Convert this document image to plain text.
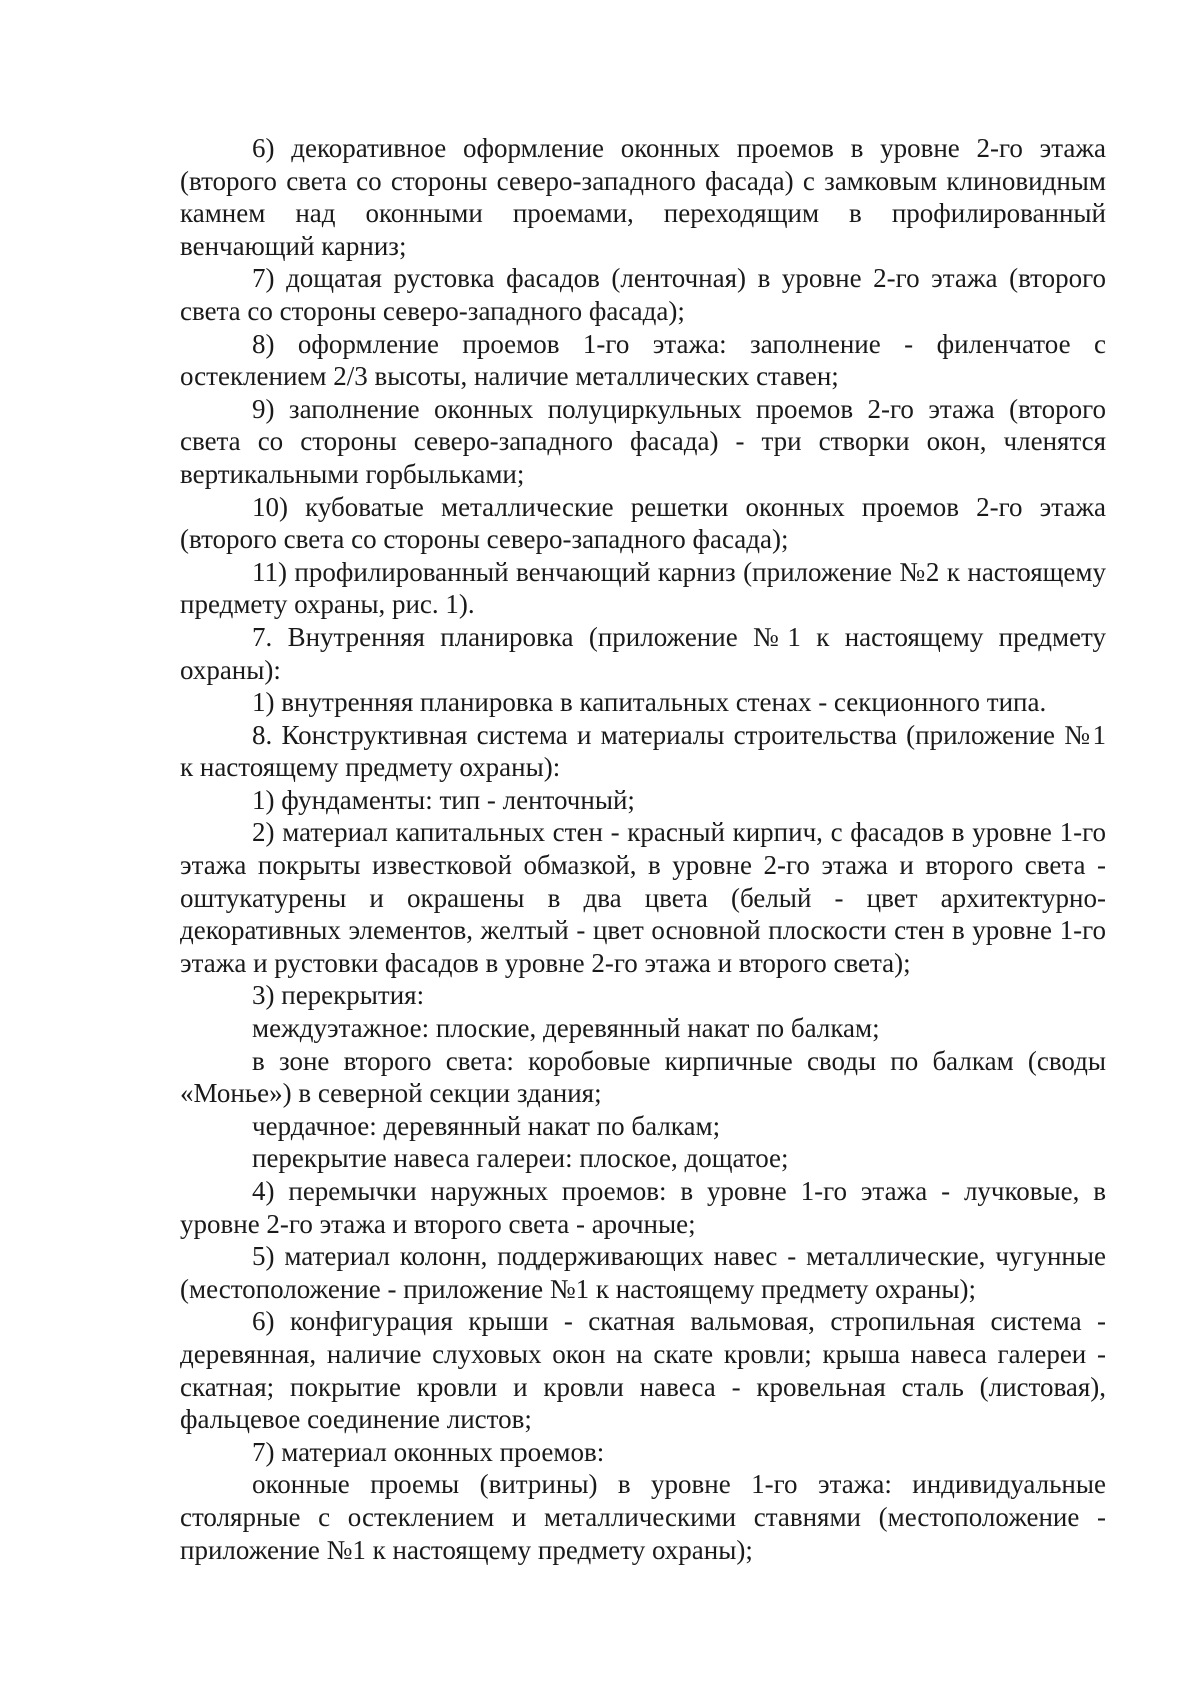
6) декоративное оформление оконных проемов в уровне 2-го этажа (второго света со стороны северо-западного фасада) с замковым клиновидным камнем над оконными проемами, переходящим в профилированный венчающий карниз;

7) дощатая рустовка фасадов (ленточная) в уровне 2-го этажа (второго света со стороны северо-западного фасада);

8) оформление проемов 1-го этажа: заполнение - филенчатое с остеклением 2/3 высоты, наличие металлических ставен;

9) заполнение оконных полуциркульных проемов 2-го этажа (второго света со стороны северо-западного фасада) - три створки окон, членятся вертикальными горбыльками;

10) кубоватые металлические решетки оконных проемов 2-го этажа (второго света со стороны северо-западного фасада);

11) профилированный венчающий карниз (приложение №2 к настоящему предмету охраны, рис. 1).

7. Внутренняя планировка (приложение №1 к настоящему предмету охраны):

1) внутренняя планировка в капитальных стенах - секционного типа.

8. Конструктивная система и материалы строительства (приложение №1 к настоящему предмету охраны):

1) фундаменты: тип - ленточный;

2) материал капитальных стен - красный кирпич, с фасадов в уровне 1-го этажа покрыты известковой обмазкой, в уровне 2-го этажа и второго света - оштукатурены и окрашены в два цвета (белый - цвет архитектурно-декоративных элементов, желтый - цвет основной плоскости стен в уровне 1-го этажа и рустовки фасадов в уровне 2-го этажа и второго света);

3) перекрытия:

междуэтажное: плоские, деревянный накат по балкам;

в зоне второго света: коробовые кирпичные своды по балкам (своды «Монье») в северной секции здания;

чердачное: деревянный накат по балкам;

перекрытие навеса галереи: плоское, дощатое;

4) перемычки наружных проемов: в уровне 1-го этажа - лучковые, в уровне 2-го этажа и второго света - арочные;

5) материал колонн, поддерживающих навес - металлические, чугунные (местоположение - приложение №1 к настоящему предмету охраны);

6) конфигурация крыши - скатная вальмовая, стропильная система - деревянная, наличие слуховых окон на скате кровли; крыша навеса галереи - скатная; покрытие кровли и кровли навеса - кровельная сталь (листовая), фальцевое соединение листов;

7) материал оконных проемов:

оконные проемы (витрины) в уровне 1-го этажа: индивидуальные столярные с остеклением и металлическими ставнями (местоположение - приложение №1 к настоящему предмету охраны);
